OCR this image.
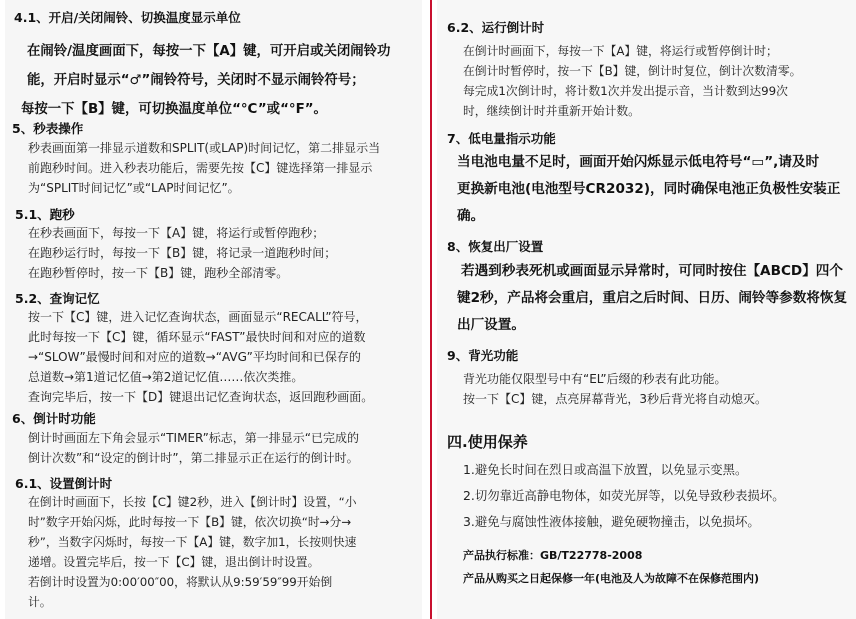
4.1、开启/关闭闹铃、切换温度显示单位
在闹铃/温度画面下，每按一下【A】键，可开启或关闭闹铃功
能，开启时显示“♂”闹铃符号，关闭时不显示闹铃符号；
每按一下【B】键，可切换温度单位“°C”或“°F”。
5、秒表操作
秒表画面第一排显示道数和SPLIT(或LAP)时间记忆，第二排显示当
前跑秒时间。进入秒表功能后，需要先按【C】键选择第一排显示
为“SPLIT时间记忆”或“LAP时间记忆”。
5.1、跑秒
在秒表画面下，每按一下【A】键，将运行或暂停跑秒；
在跑秒运行时，每按一下【B】键，将记录一道跑秒时间；
在跑秒暂停时，按一下【B】键，跑秒全部清零。
5.2、查询记忆
按一下【C】键，进入记忆查询状态，画面显示“RECALL”符号，
此时每按一下【C】键，循环显示“FAST”最快时间和对应的道数
→“SLOW”最慢时间和对应的道数→“AVG”平均时间和已保存的
总道数→第1道记忆值→第2道记忆值……依次类推。
查询完毕后，按一下【D】键退出记忆查询状态，返回跑秒画面。
6、倒计时功能
倒计时画面左下角会显示“TIMER”标志，第一排显示“已完成的
倒计次数”和“设定的倒计时”，第二排显示正在运行的倒计时。
6.1、设置倒计时
在倒计时画面下，长按【C】键2秒，进入【倒计时】设置，“小
时”数字开始闪烁，此时每按一下【B】键，依次切换“时→分→
秒”，当数字闪烁时，每按一下【A】键，数字加1，长按则快速
递增。设置完毕后，按一下【C】键，退出倒计时设置。
若倒计时设置为0:00′00″00，将默认从9:59′59″99开始倒
计。
6.2、运行倒计时
在倒计时画面下，每按一下【A】键，将运行或暂停倒计时；
在倒计时暂停时，按一下【B】键，倒计时复位，倒计次数清零。
每完成1次倒计时，将计数1次并发出提示音，当计数到达99次
时，继续倒计时并重新开始计数。
7、低电量指示功能
当电池电量不足时，画面开始闪烁显示低电符号“▭”,请及时
更换新电池(电池型号CR2032)，同时确保电池正负极性安装正
确。
8、恢复出厂设置
若遇到秒表死机或画面显示异常时，可同时按住【ABCD】四个
键2秒，产品将会重启，重启之后时间、日历、闹铃等参数将恢复
出厂设置。
9、背光功能
背光功能仅限型号中有“EL”后缀的秒表有此功能。
按一下【C】键，点亮屏幕背光，3秒后背光将自动熄灭。
四.使用保养
1.避免长时间在烈日或高温下放置，以免显示变黑。
2.切勿靠近高静电物体，如荧光屏等，以免导致秒表损坏。
3.避免与腐蚀性液体接触，避免硬物撞击，以免损坏。
产品执行标准：GB/T22778-2008
产品从购买之日起保修一年(电池及人为故障不在保修范围内)
